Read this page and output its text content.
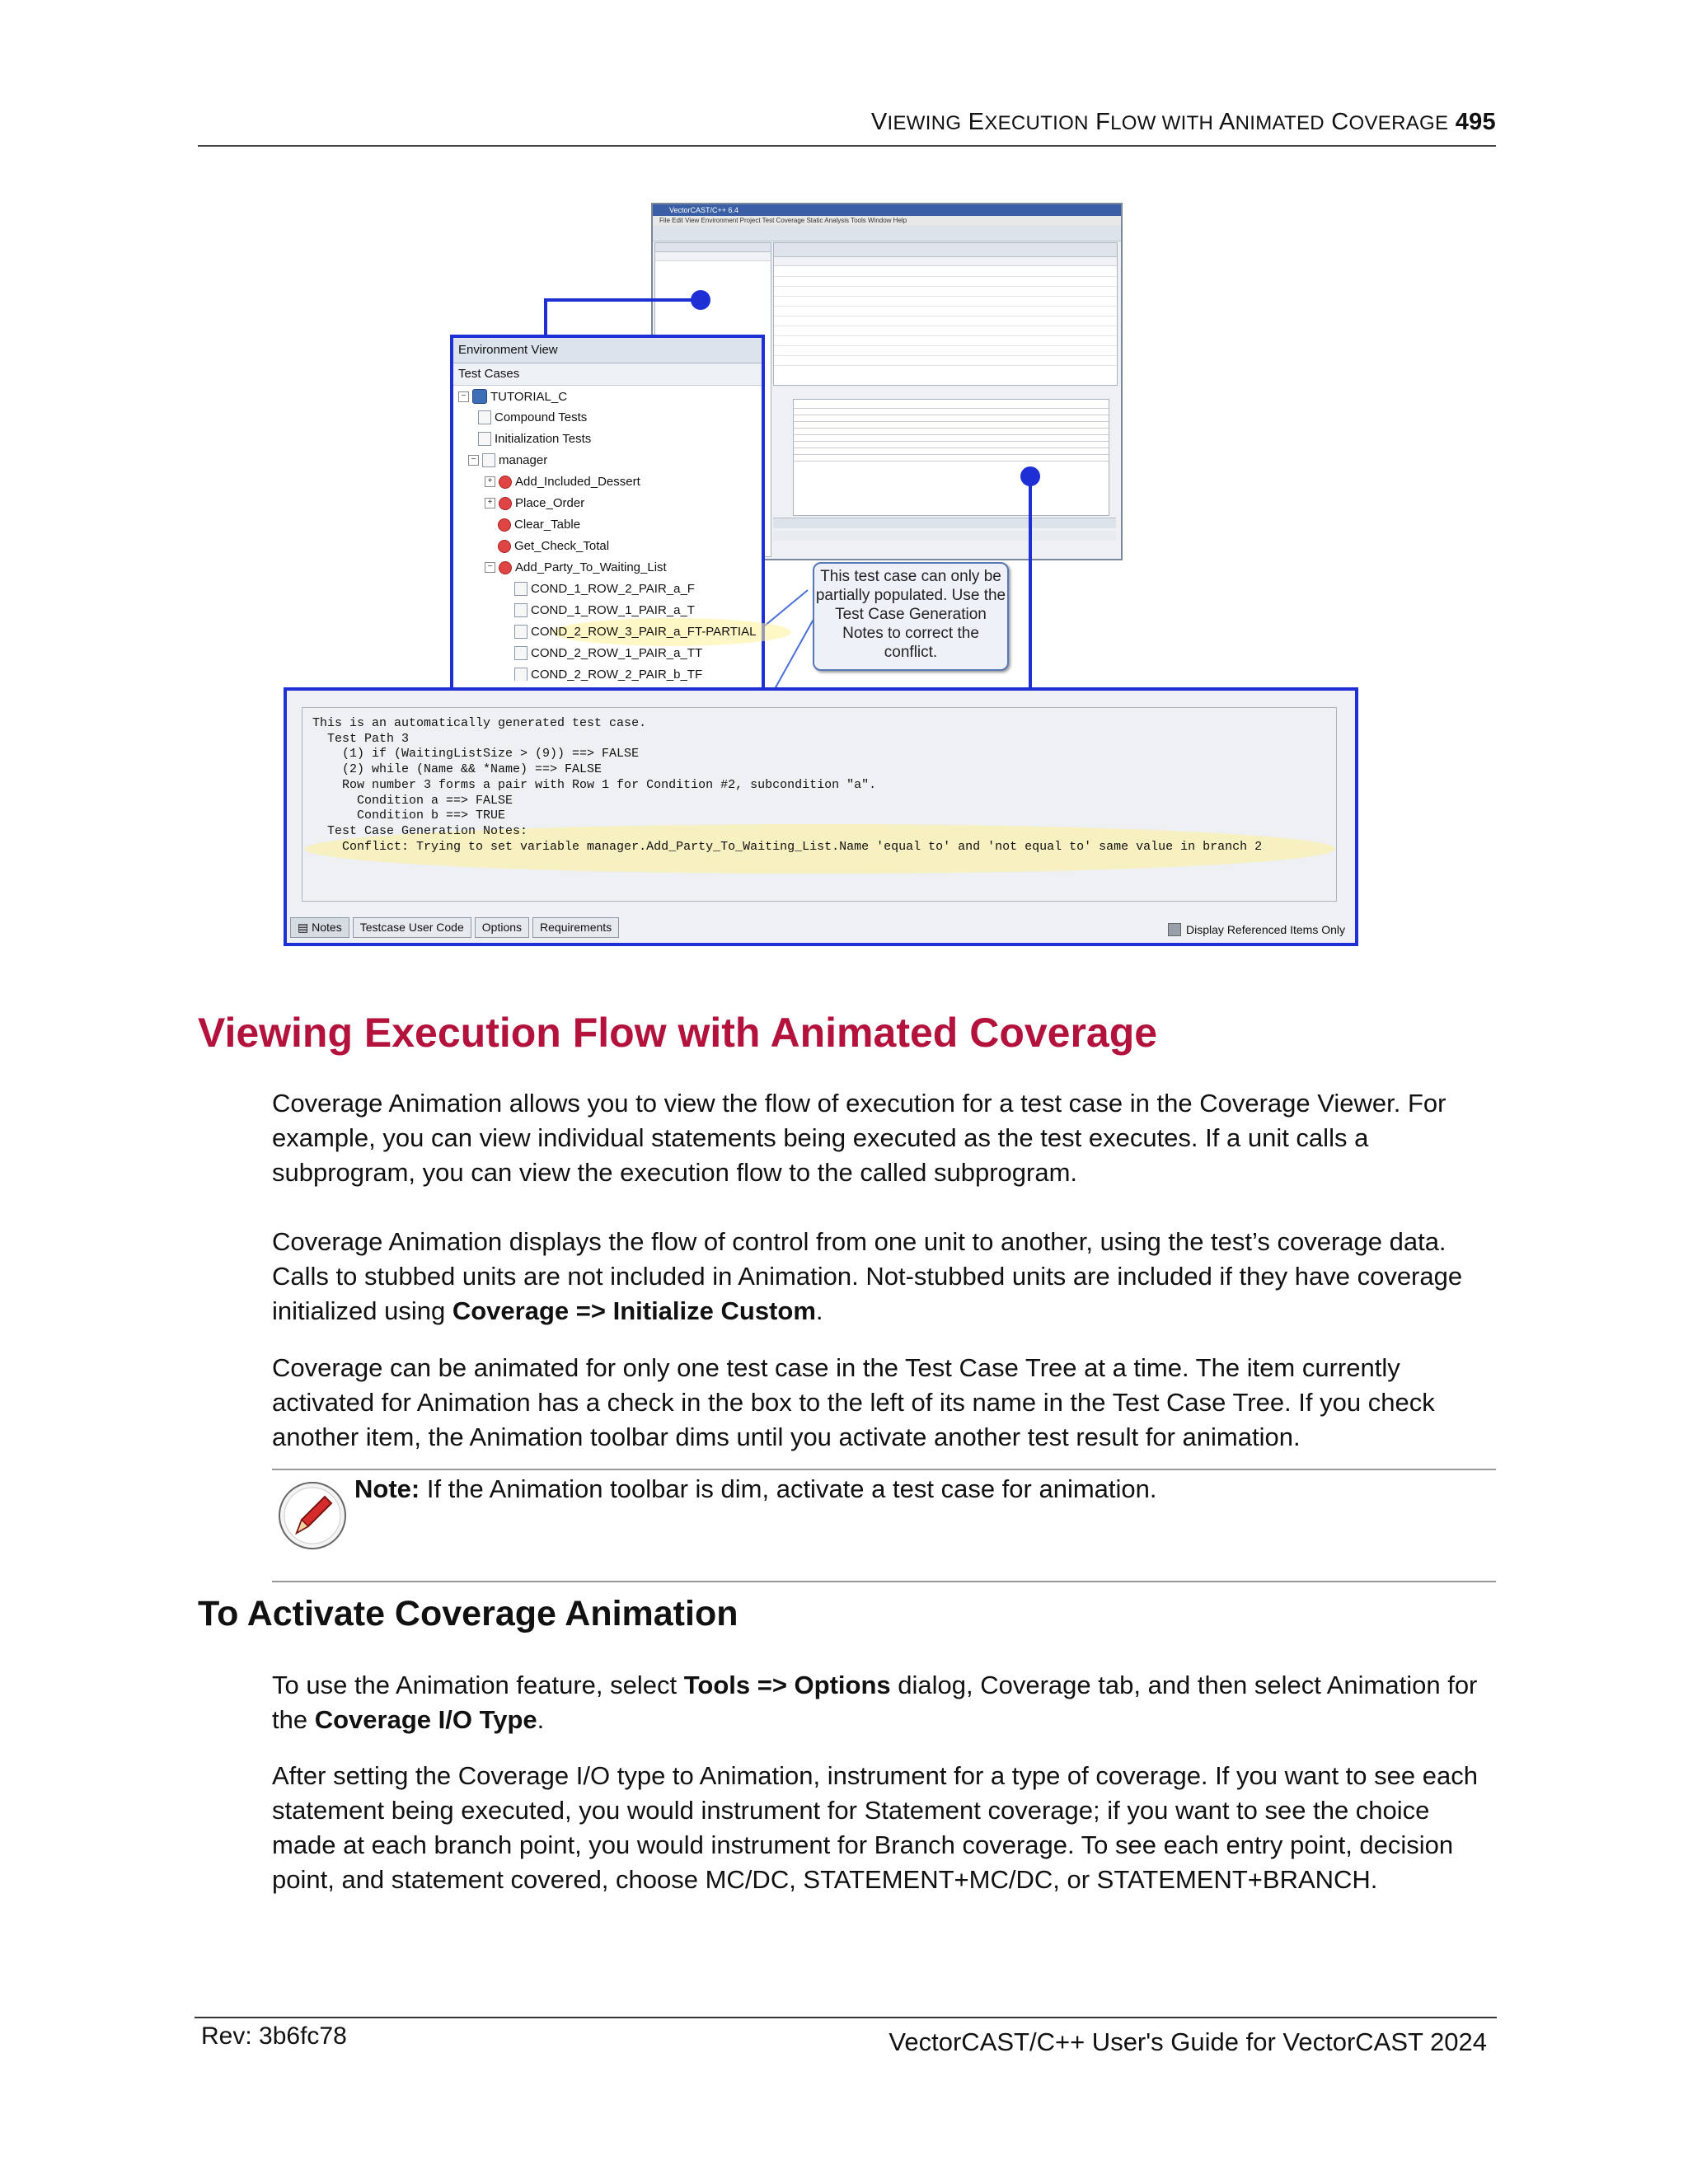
VIEWING EXECUTION FLOW WITH ANIMATED COVERAGE 495
VectorCAST/C++ 6.4
File Edit View Environment Project Test Coverage Static Analysis Tools Window Help
Environment View
Test Cases
− TUTORIAL_C
Compound Tests
Initialization Tests
− manager
+ Add_Included_Dessert
+ Place_Order
Clear_Table
Get_Check_Total
− Add_Party_To_Waiting_List
COND_1_ROW_2_PAIR_a_F
COND_1_ROW_1_PAIR_a_T
COND_2_ROW_3_PAIR_a_FT-PARTIAL
COND_2_ROW_1_PAIR_a_TT
COND_2_ROW_2_PAIR_b_TF
This test case can only be partially populated. Use the Test Case Generation Notes to correct the conflict.
This is an automatically generated test case.
Test Path 3
(1) if (WaitingListSize > (9)) ==> FALSE
(2) while (Name && *Name) ==> FALSE
Row number 3 forms a pair with Row 1 for Condition #2, subcondition "a".
Condition a ==> FALSE
Condition b ==> TRUE
Test Case Generation Notes:
Conflict: Trying to set variable manager.Add_Party_To_Waiting_List.Name 'equal to' and 'not equal to' same value in branch 2
▤ Notes	Testcase User Code	Options	Requirements	Display Referenced Items Only
Viewing Execution Flow with Animated Coverage
Coverage Animation allows you to view the flow of execution for a test case in the Coverage Viewer. For example, you can view individual statements being executed as the test executes. If a unit calls a subprogram, you can view the execution flow to the called subprogram.
Coverage Animation displays the flow of control from one unit to another, using the test’s coverage data. Calls to stubbed units are not included in Animation. Not-stubbed units are included if they have coverage initialized using Coverage => Initialize Custom.
Coverage can be animated for only one test case in the Test Case Tree at a time. The item currently activated for Animation has a check in the box to the left of its name in the Test Case Tree. If you check another item, the Animation toolbar dims until you activate another test result for animation.
Note: If the Animation toolbar is dim, activate a test case for animation.
To Activate Coverage Animation
To use the Animation feature, select Tools => Options dialog, Coverage tab, and then select Animation for the Coverage I/O Type.
After setting the Coverage I/O type to Animation, instrument for a type of coverage. If you want to see each statement being executed, you would instrument for Statement coverage; if you want to see the choice made at each branch point, you would instrument for Branch coverage. To see each entry point, decision point, and statement covered, choose MC/DC, STATEMENT+MC/DC, or STATEMENT+BRANCH.
Rev: 3b6fc78	VectorCAST/C++ User's Guide for VectorCAST 2024
